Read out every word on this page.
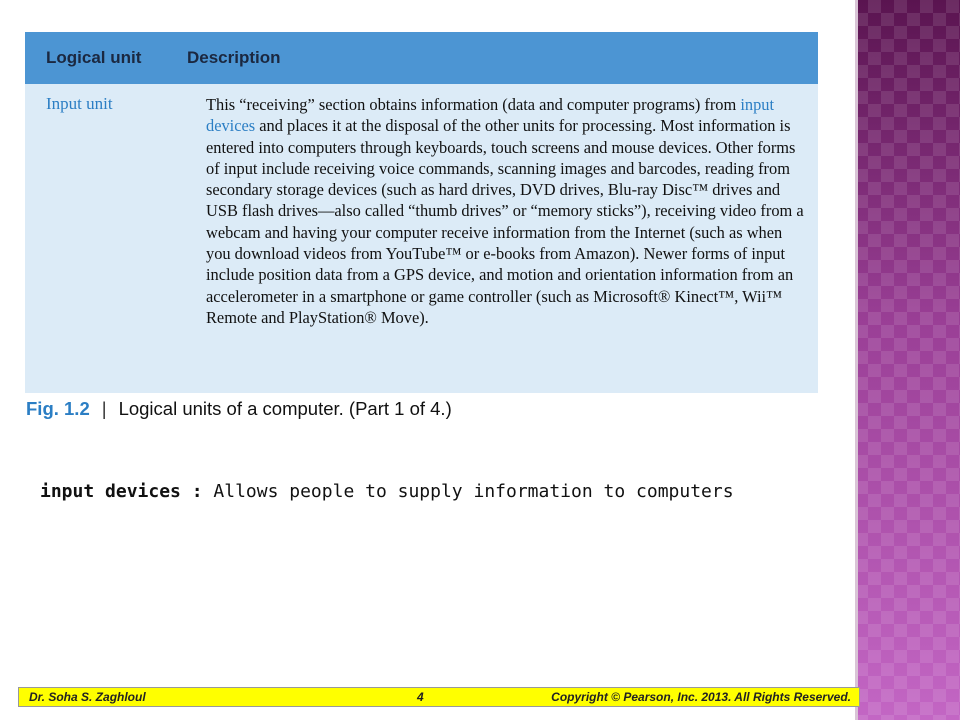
Logical unit	Description
Input unit	This “receiving” section obtains information (data and computer programs) from input devices and places it at the disposal of the other units for processing. Most information is entered into computers through keyboards, touch screens and mouse devices. Other forms of input include receiving voice commands, scanning images and barcodes, reading from secondary storage devices (such as hard drives, DVD drives, Blu-ray Disc™ drives and USB flash drives—also called “thumb drives” or “memory sticks”), receiving video from a webcam and having your computer receive information from the Internet (such as when you download videos from YouTube™ or e-books from Amazon). Newer forms of input include position data from a GPS device, and motion and orientation information from an accelerometer in a smartphone or game controller (such as Microsoft® Kinect™, Wii™ Remote and PlayStation® Move).
Fig. 1.2 | Logical units of a computer. (Part 1 of 4.)
input devices : Allows people to supply information to computers
Dr. Soha S. Zaghloul	4	Copyright © Pearson, Inc. 2013. All Rights Reserved.
